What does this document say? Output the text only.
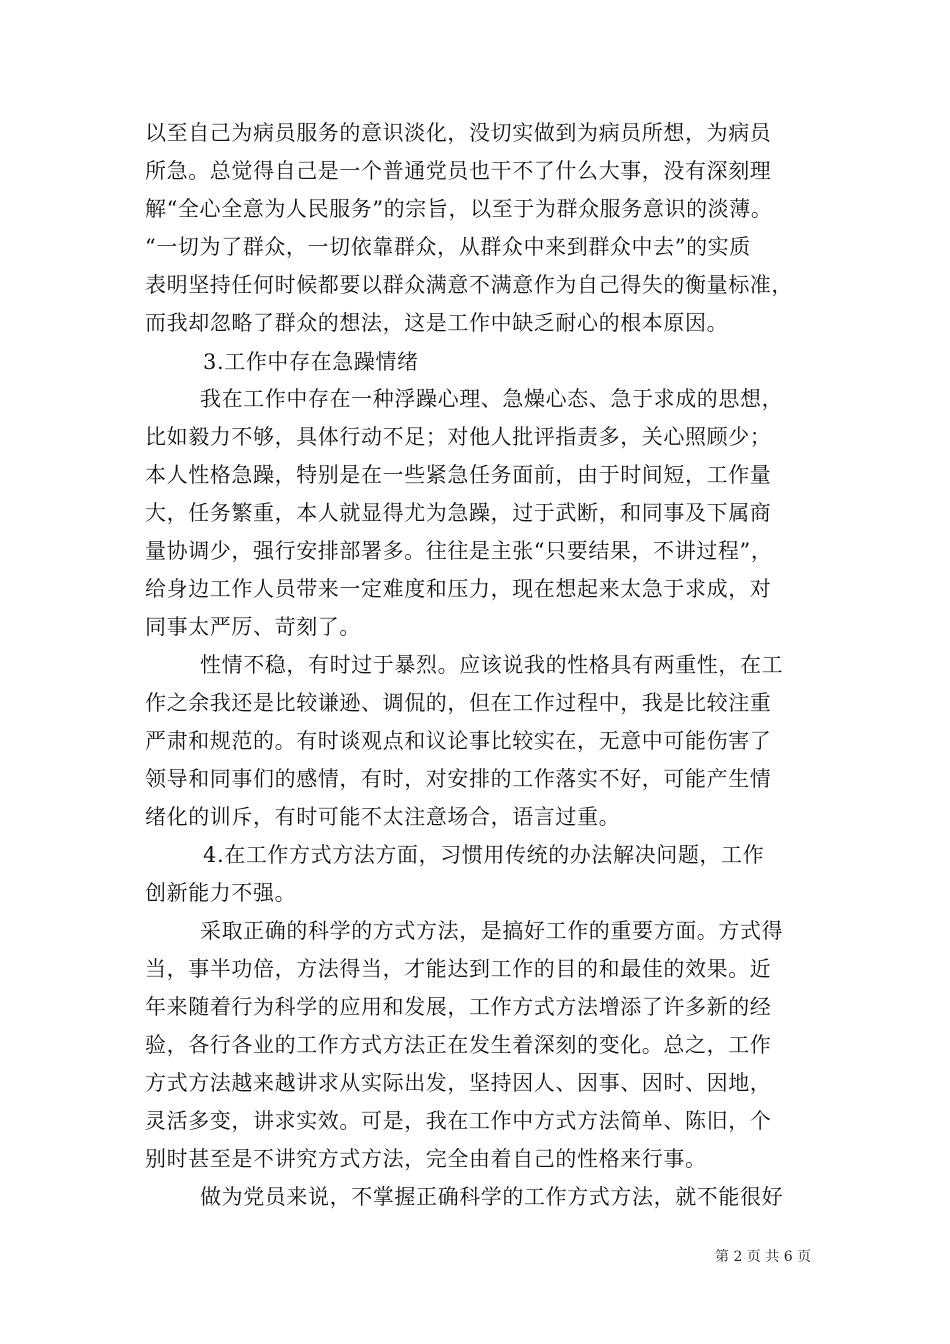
以至自己为病员服务的意识淡化，没切实做到为病员所想，为病员
所急。总觉得自己是一个普通党员也干不了什么大事，没有深刻理
解“全心全意为人民服务”的宗旨，以至于为群众服务意识的淡薄。
“一切为了群众，一切依靠群众，从群众中来到群众中去”的实质
表明坚持任何时候都要以群众满意不满意作为自己得失的衡量标准，
而我却忽略了群众的想法，这是工作中缺乏耐心的根本原因。
3.工作中存在急躁情绪
我在工作中存在一种浮躁心理、急燥心态、急于求成的思想，
比如毅力不够，具体行动不足；对他人批评指责多，关心照顾少；
本人性格急躁，特别是在一些紧急任务面前，由于时间短，工作量
大，任务繁重，本人就显得尤为急躁，过于武断，和同事及下属商
量协调少，强行安排部署多。往往是主张“只要结果，不讲过程”，
给身边工作人员带来一定难度和压力，现在想起来太急于求成，对
同事太严厉、苛刻了。
性情不稳，有时过于暴烈。应该说我的性格具有两重性，在工
作之余我还是比较谦逊、调侃的，但在工作过程中，我是比较注重
严肃和规范的。有时谈观点和议论事比较实在，无意中可能伤害了
领导和同事们的感情，有时，对安排的工作落实不好，可能产生情
绪化的训斥，有时可能不太注意场合，语言过重。
4.在工作方式方法方面，习惯用传统的办法解决问题，工作
创新能力不强。
采取正确的科学的方式方法，是搞好工作的重要方面。方式得
当，事半功倍，方法得当，才能达到工作的目的和最佳的效果。近
年来随着行为科学的应用和发展，工作方式方法增添了许多新的经
验，各行各业的工作方式方法正在发生着深刻的变化。总之，工作
方式方法越来越讲求从实际出发，坚持因人、因事、因时、因地，
灵活多变，讲求实效。可是，我在工作中方式方法简单、陈旧，个
别时甚至是不讲究方式方法，完全由着自己的性格来行事。
做为党员来说，不掌握正确科学的工作方式方法，就不能很好
第 2 页 共 6 页
